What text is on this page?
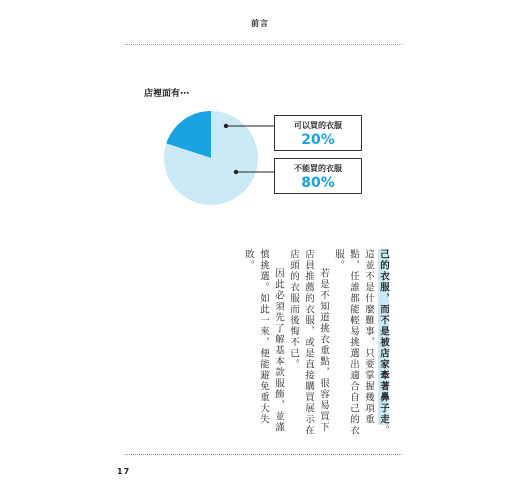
前言
店裡面有⋯
可以買的衣服
20%
不能買的衣服
80%

己的衣服，而不是被店家牽著鼻子走。這並不是什麼難事，只要掌握幾項重點，任誰都能輕易挑選出適合自己的衣服。

若是不知道挑衣重點，很容易買下店員推薦的衣服，或是直接購買展示在店頭的衣服而後悔不已。

因此必須先了解基本款服飾，並謹慎挑選。如此一來，便能避免重大失敗。

17
